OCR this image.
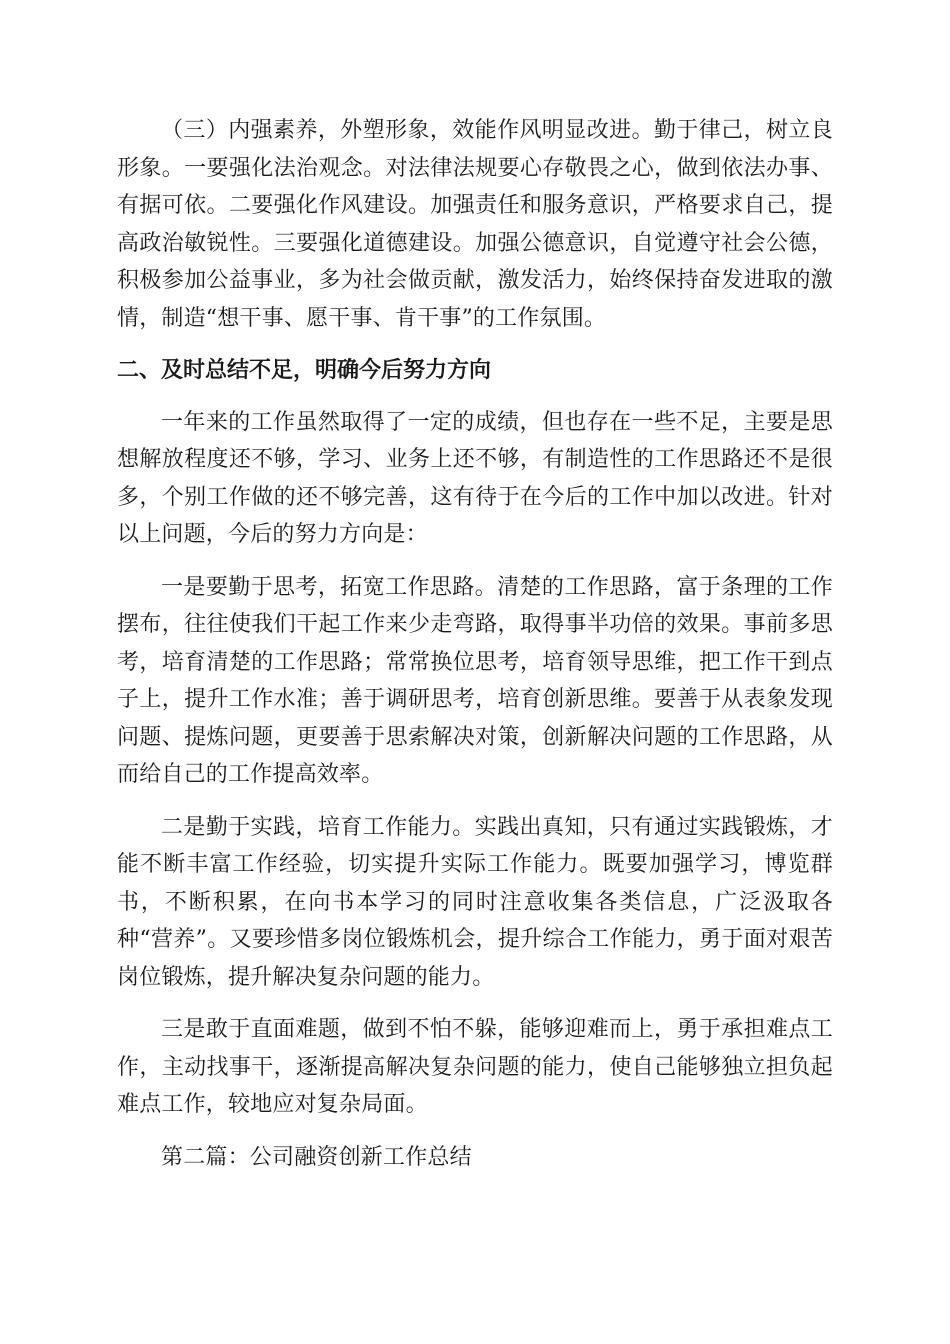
（三）内强素养，外塑形象，效能作风明显改进。勤于律己，树立良形象。一要强化法治观念。对法律法规要心存敬畏之心，做到依法办事、有据可依。二要强化作风建设。加强责任和服务意识，严格要求自己，提高政治敏锐性。三要强化道德建设。加强公德意识，自觉遵守社会公德，积极参加公益事业，多为社会做贡献，激发活力，始终保持奋发进取的激情，制造“想干事、愿干事、肯干事”的工作氛围。

二、及时总结不足，明确今后努力方向

一年来的工作虽然取得了一定的成绩，但也存在一些不足，主要是思想解放程度还不够，学习、业务上还不够，有制造性的工作思路还不是很多，个别工作做的还不够完善，这有待于在今后的工作中加以改进。针对以上问题，今后的努力方向是：

一是要勤于思考，拓宽工作思路。清楚的工作思路，富于条理的工作摆布，往往使我们干起工作来少走弯路，取得事半功倍的效果。事前多思考，培育清楚的工作思路；常常换位思考，培育领导思维，把工作干到点子上，提升工作水准；善于调研思考，培育创新思维。要善于从表象发现问题、提炼问题，更要善于思索解决对策，创新解决问题的工作思路，从而给自己的工作提高效率。

二是勤于实践，培育工作能力。实践出真知，只有通过实践锻炼，才能不断丰富工作经验，切实提升实际工作能力。既要加强学习，博览群书，不断积累，在向书本学习的同时注意收集各类信息，广泛汲取各种“营养”。又要珍惜多岗位锻炼机会，提升综合工作能力，勇于面对艰苦岗位锻炼，提升解决复杂问题的能力。

三是敢于直面难题，做到不怕不躲，能够迎难而上，勇于承担难点工作，主动找事干，逐渐提高解决复杂问题的能力，使自己能够独立担负起难点工作，较地应对复杂局面。

第二篇：公司融资创新工作总结
